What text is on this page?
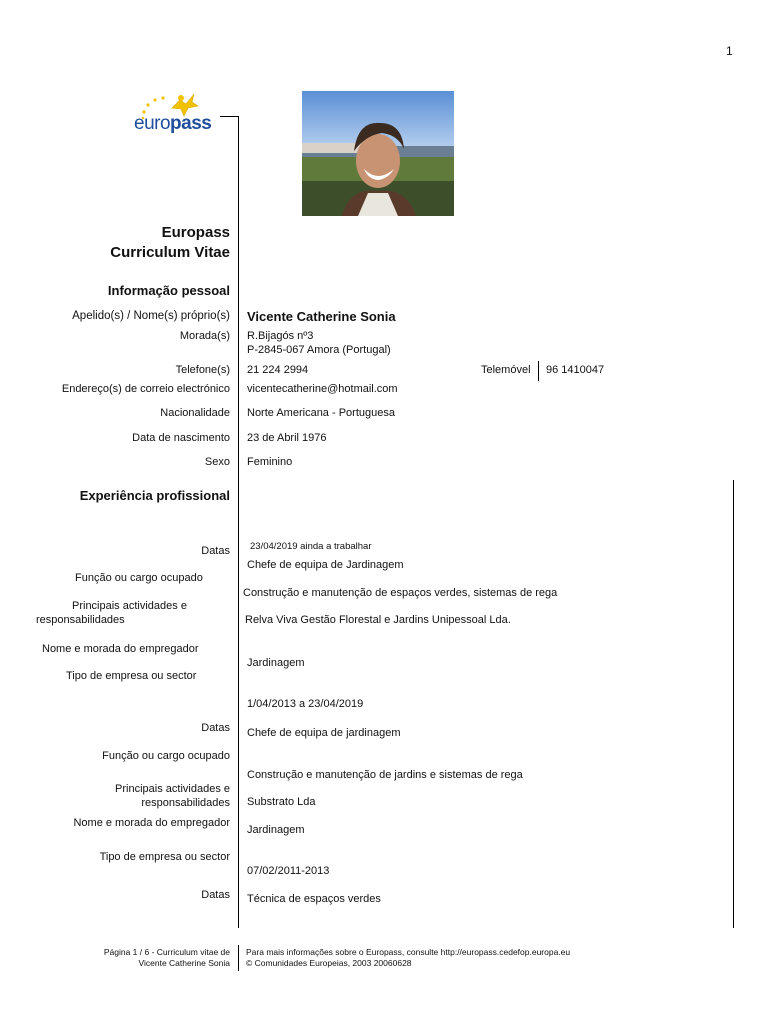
1
europass
Europass
Curriculum Vitae
Informação pessoal
Apelido(s) / Nome(s) próprio(s) Vicente Catherine Sonia
Morada(s) R.Bijagós nº3
P-2845-067 Amora (Portugal)
Telefone(s) 21 224 2994	Telemóvel 96 1410047
Endereço(s) de correio electrónico vicentecatherine@hotmail.com
Nacionalidade Norte Americana - Portuguesa
Data de nascimento 23 de Abril 1976
Sexo Feminino
Experiência profissional
23/04/2019 ainda a trabalhar
Datas
Chefe de equipa de Jardinagem
Função ou cargo ocupado
Construção e manutenção de espaços verdes, sistemas de rega
Principais actividades e
responsabilidades	Relva Viva Gestão Florestal e Jardins Unipessoal Lda.
Nome e morada do empregador
Jardinagem
Tipo de empresa ou sector
1/04/2013 a 23/04/2019
Datas Chefe de equipa de jardinagem
Função ou cargo ocupado
Construção e manutenção de jardins e sistemas de rega
Principais actividades e
responsabilidades Substrato Lda
Nome e morada do empregador
Jardinagem
Tipo de empresa ou sector
07/02/2011-2013
Datas Técnica de espaços verdes
Página 1 / 6 - Curriculum vitae de
Vicente Catherine Sonia
Para mais informações sobre o Europass, consulte http://europass.cedefop.europa.eu
© Comunidades Europeias, 2003 20060628
